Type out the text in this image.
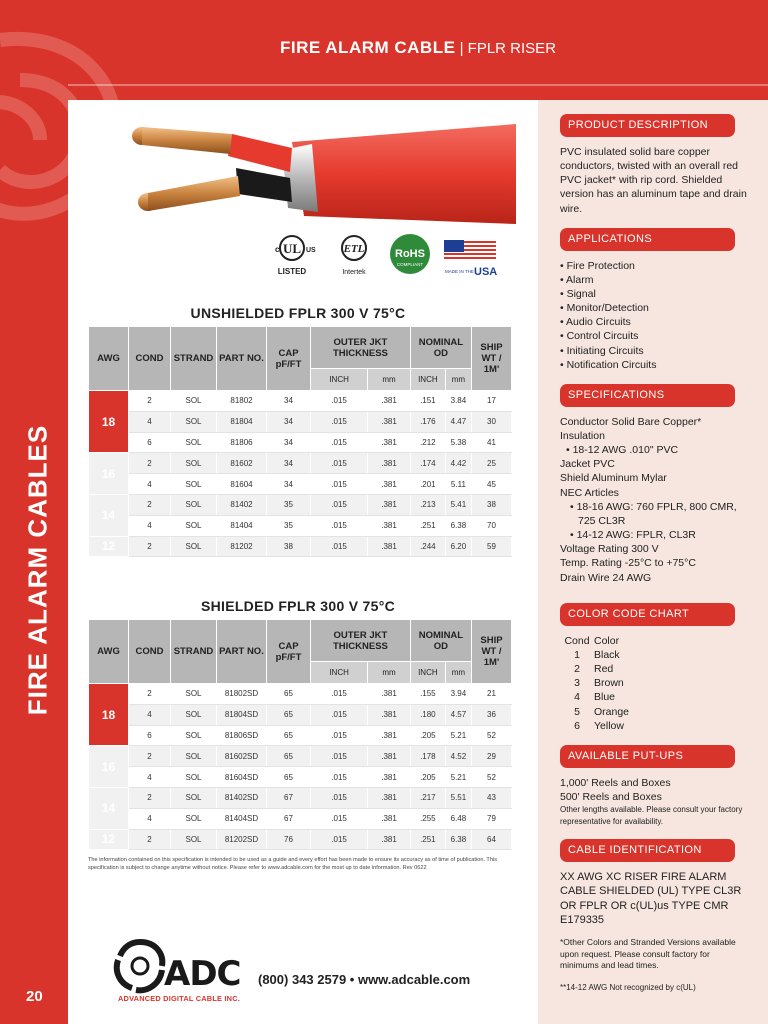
FIRE ALARM CABLES
20
FIRE ALARM CABLE | FPLR RISER
UL
c	US
LISTED
ETL
Intertek
RoHS
COMPLIANT
MADE IN THE USA
UNSHIELDED FPLR 300 V 75°C
AWG	COND	STRAND	PART NO.	CAP pF/FT	OUTER JKT THICKNESS		NOMINAL OD		SHIP WT / 1M'
					INCH	mm	INCH	mm	
18	2	SOL	81802	34	.015	.381	.151	3.84	17
	4	SOL	81804	34	.015	.381	.176	4.47	30
	6	SOL	81806	34	.015	.381	.212	5.38	41
16	2	SOL	81602	34	.015	.381	.174	4.42	25
	4	SOL	81604	34	.015	.381	.201	5.11	45
14	2	SOL	81402	35	.015	.381	.213	5.41	38
	4	SOL	81404	35	.015	.381	.251	6.38	70
12	2	SOL	81202	38	.015	.381	.244	6.20	59
SHIELDED FPLR 300 V 75°C
AWG	COND	STRAND	PART NO.	CAP pF/FT	OUTER JKT THICKNESS		NOMINAL OD		SHIP WT / 1M'
					INCH	mm	INCH	mm	
18	2	SOL	81802SD	65	.015	.381	.155	3.94	21
	4	SOL	81804SD	65	.015	.381	.180	4.57	36
	6	SOL	81806SD	65	.015	.381	.205	5.21	52
16	2	SOL	81602SD	65	.015	.381	.178	4.52	29
	4	SOL	81604SD	65	.015	.381	.205	5.21	52
14	2	SOL	81402SD	67	.015	.381	.217	5.51	43
	4	SOL	81404SD	67	.015	.381	.255	6.48	79
12	2	SOL	81202SD	76	.015	.381	.251	6.38	64
The information contained on this specification is intended to be used as a guide and every effort has been made to ensure its accuracy as of time of publication. This specification is subject to change anytime without notice. Please refer to www.adcable.com for the most up to date information. Rev 0622
ADC
ADVANCED DIGITAL CABLE INC.
(800) 343 2579 • www.adcable.com
PRODUCT DESCRIPTION
PVC insulated solid bare copper conductors, twisted with an overall red PVC jacket* with rip cord. Shielded version has an aluminum tape and drain wire.
APPLICATIONS
• Fire Protection
• Alarm
• Signal
• Monitor/Detection
• Audio Circuits
• Control Circuits
• Initiating Circuits
• Notification Circuits
SPECIFICATIONS
Conductor Solid Bare Copper*
Insulation
• 18-12 AWG .010" PVC
Jacket PVC
Shield Aluminum Mylar
NEC Articles
• 18-16 AWG: 760 FPLR, 800 CMR, 725 CL3R
• 14-12 AWG: FPLR, CL3R
Voltage Rating 300 V
Temp. Rating -25°C to +75°C
Drain Wire 24 AWG
COLOR CODE CHART
Cond Color
1	Black
2	Red
3	Brown
4	Blue
5	Orange
6	Yellow
AVAILABLE PUT-UPS
1,000' Reels and Boxes
500' Reels and Boxes
Other lengths available. Please consult your factory representative for availability.
CABLE IDENTIFICATION
XX AWG XC RISER FIRE ALARM CABLE SHIELDED (UL) TYPE CL3R OR FPLR OR c(UL)us TYPE CMR E179335
*Other Colors and Stranded Versions available upon request. Please consult factory for minimums and lead times.
**14-12 AWG Not recognized by c(UL)
